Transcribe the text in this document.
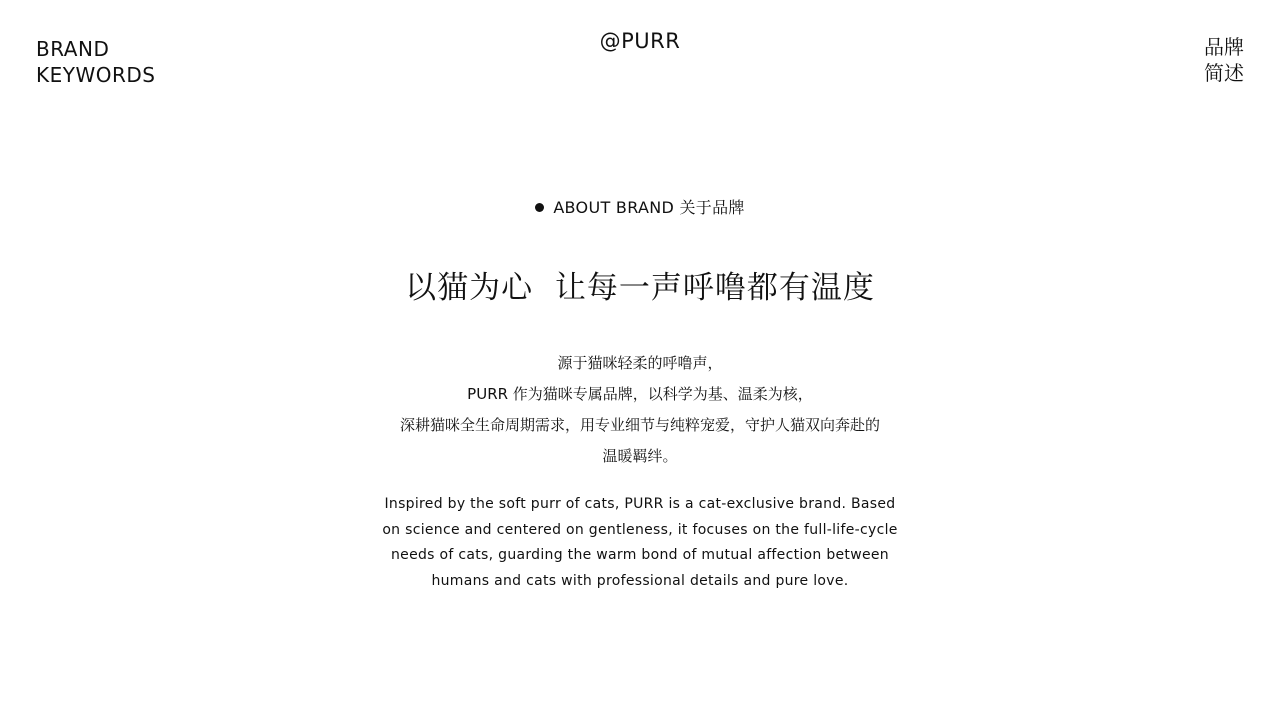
BRAND
KEYWORDS
@PURR	品牌
简述
ABOUT BRAND 关于品牌
以猫为心  让每一声呼噜都有温度
源于猫咪轻柔的呼噜声，
PURR 作为猫咪专属品牌，以科学为基、温柔为核，
深耕猫咪全生命周期需求，用专业细节与纯粹宠爱，守护人猫双向奔赴的
温暖羁绊。
Inspired by the soft purr of cats, PURR is a cat-exclusive brand. Based
on science and centered on gentleness, it focuses on the full-life-cycle
needs of cats, guarding the warm bond of mutual affection between
humans and cats with professional details and pure love.
